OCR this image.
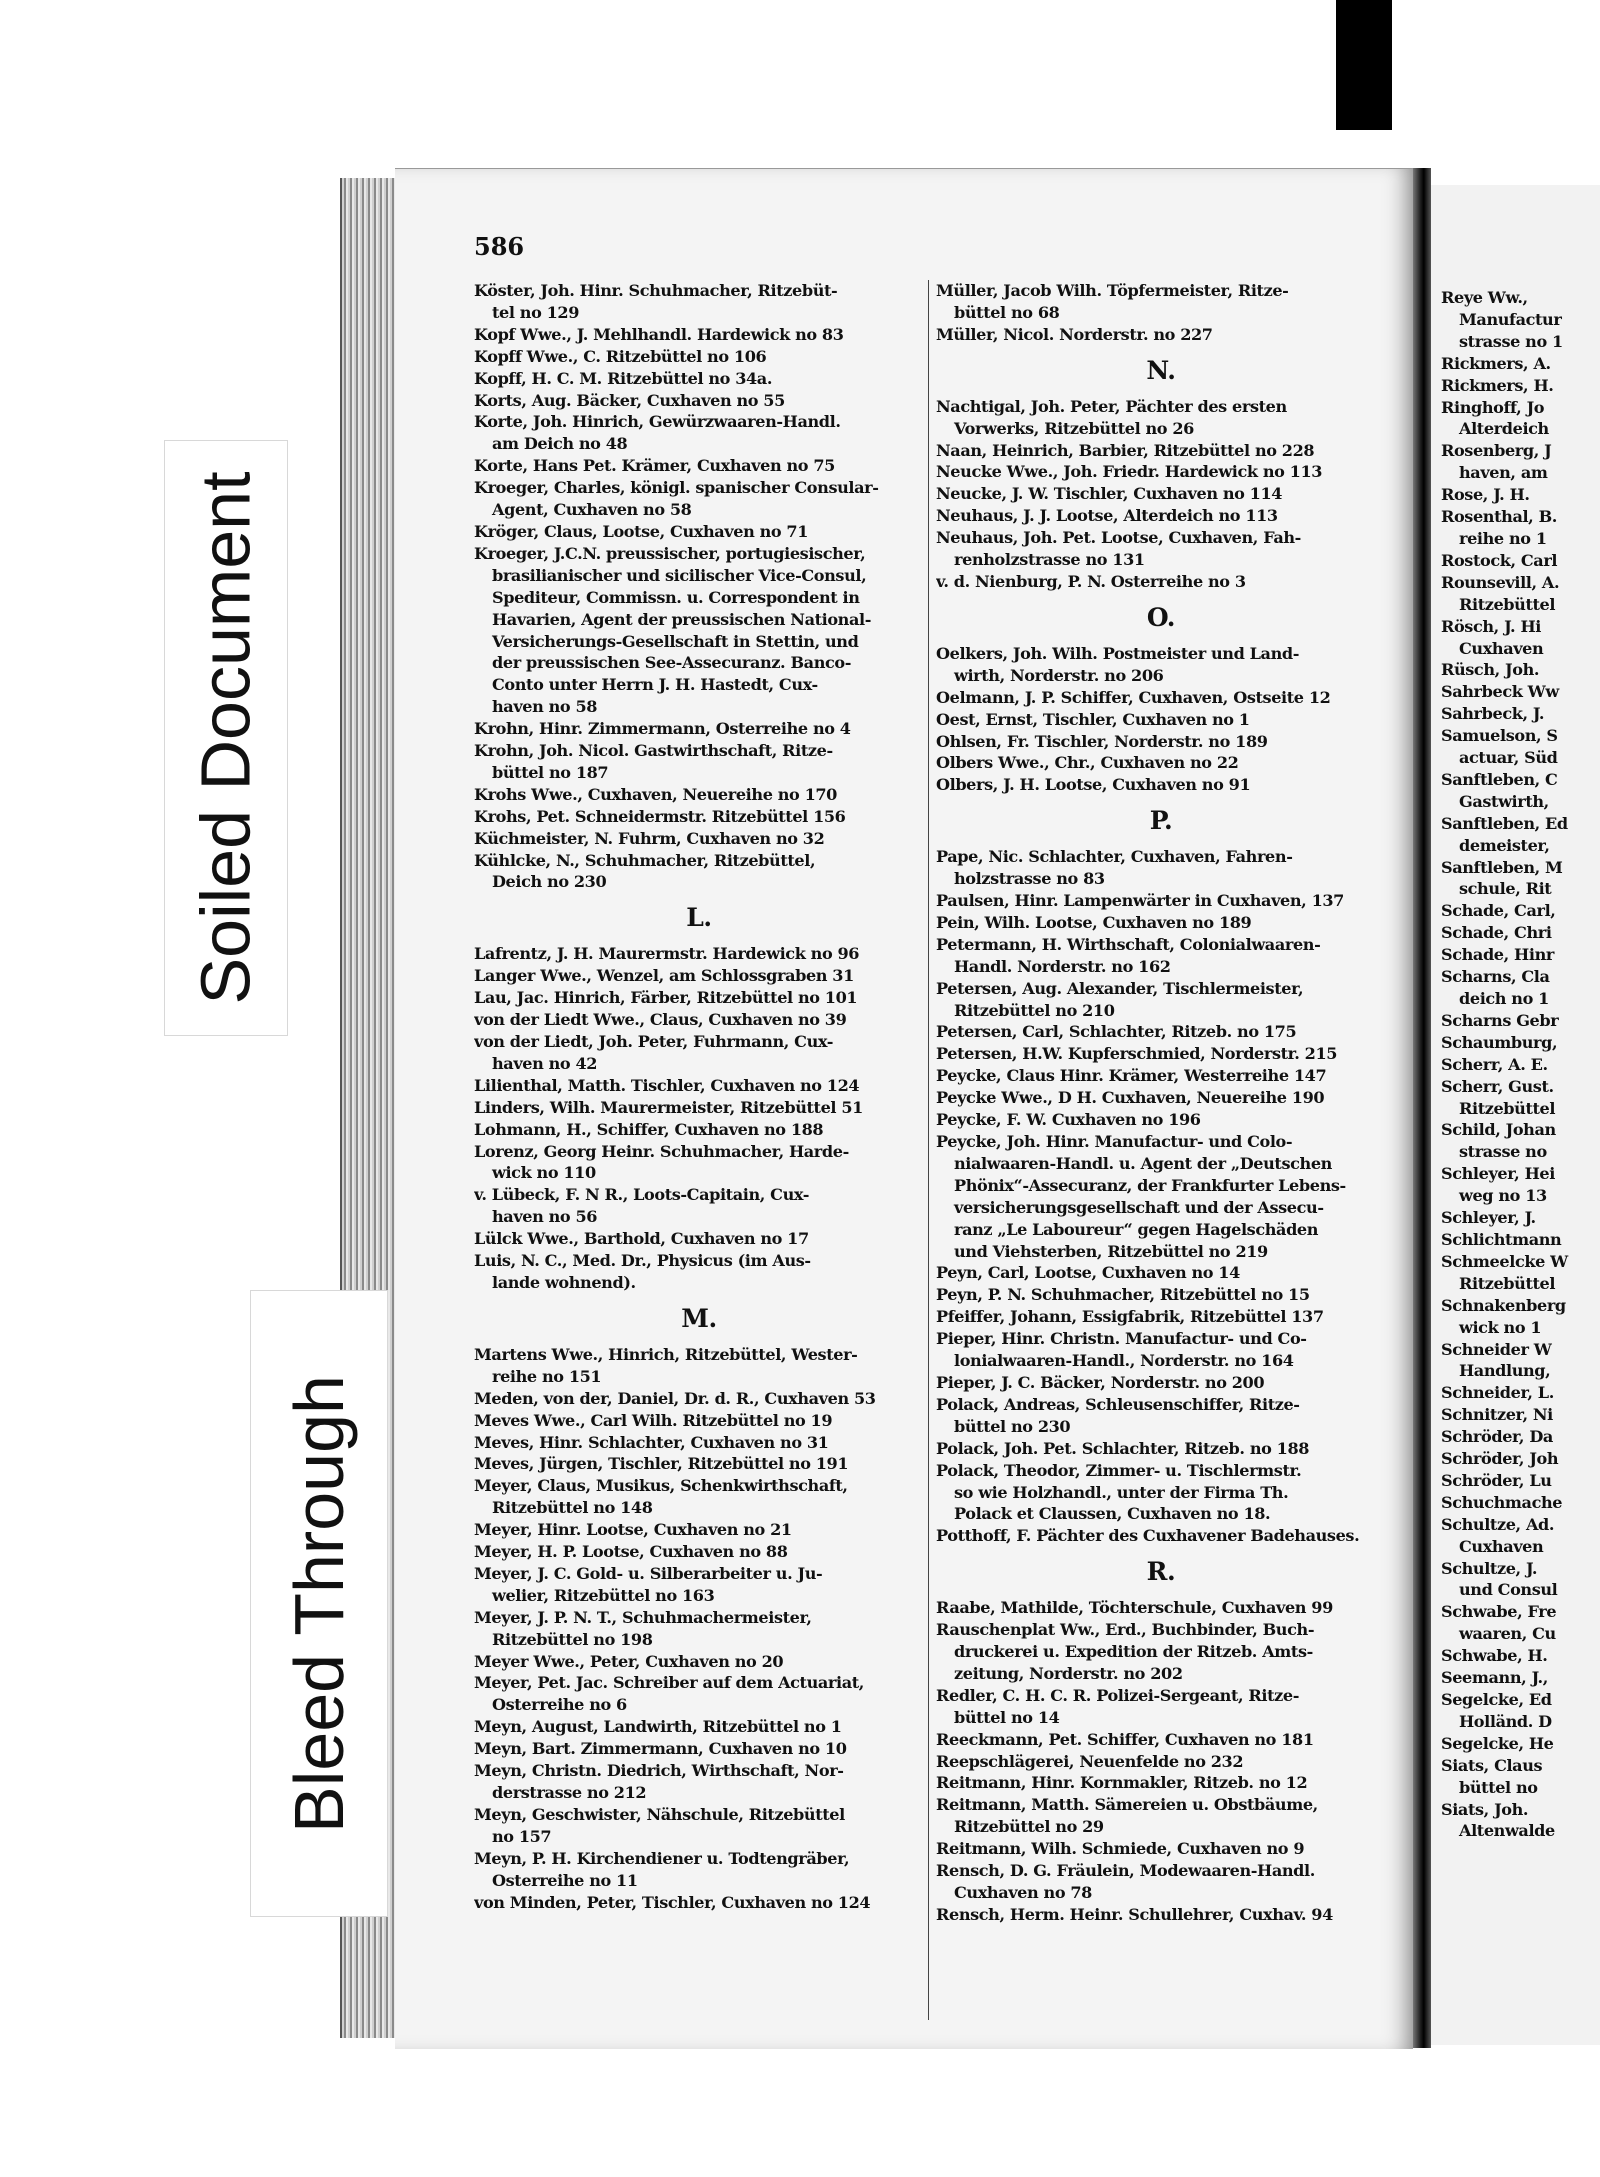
Reye Ww.,
Manufactur
strasse no 1
Rickmers, A.
Rickmers, H.
Ringhoff, Jo
Alterdeich
Rosenberg, J
haven, am
Rose, J. H.
Rosenthal, B.
reihe no 1
Rostock, Carl
Rounsevill, A.
Ritzebüttel
Rösch, J. Hi
Cuxhaven
Rüsch, Joh.
Sahrbeck Ww
Sahrbeck, J.
Samuelson, S
actuar, Süd
Sanftleben, C
Gastwirth,
Sanftleben, Ed
demeister,
Sanftleben, M
schule, Rit
Schade, Carl,
Schade, Chri
Schade, Hinr
Scharns, Cla
deich no 1
Scharns Gebr
Schaumburg,
Scherr, A. E.
Scherr, Gust.
Ritzebüttel
Schild, Johan
strasse no
Schleyer, Hei
weg no 13
Schleyer, J.
Schlichtmann
Schmeelcke W
Ritzebüttel
Schnakenberg
wick no 1
Schneider W
Handlung,
Schneider, L.
Schnitzer, Ni
Schröder, Da
Schröder, Joh
Schröder, Lu
Schuchmache
Schultze, Ad.
Cuxhaven
Schultze, J.
und Consul
Schwabe, Fre
waaren, Cu
Schwabe, H.
Seemann, J.,
Segelcke, Ed
Holländ. D
Segelcke, He
Siats, Claus
büttel no
Siats, Joh.
Altenwalde
586
Köster, Joh. Hinr. Schuhmacher, Ritzebüt-
tel no 129
Kopf Wwe., J. Mehlhandl. Hardewick no 83
Kopff Wwe., C. Ritzebüttel no 106
Kopff, H. C. M. Ritzebüttel no 34a.
Korts, Aug. Bäcker, Cuxhaven no 55
Korte, Joh. Hinrich, Gewürzwaaren-Handl.
am Deich no 48
Korte, Hans Pet. Krämer, Cuxhaven no 75
Kroeger, Charles, königl. spanischer Consular-
Agent, Cuxhaven no 58
Kröger, Claus, Lootse, Cuxhaven no 71
Kroeger, J.C.N. preussischer, portugiesischer,
brasilianischer und sicilischer Vice-Consul,
Spediteur, Commissn. u. Correspondent in
Havarien, Agent der preussischen National-
Versicherungs-Gesellschaft in Stettin, und
der preussischen See-Assecuranz. Banco-
Conto unter Herrn J. H. Hastedt, Cux-
haven no 58
Krohn, Hinr. Zimmermann, Osterreihe no 4
Krohn, Joh. Nicol. Gastwirthschaft, Ritze-
büttel no 187
Krohs Wwe., Cuxhaven, Neuereihe no 170
Krohs, Pet. Schneidermstr. Ritzebüttel 156
Küchmeister, N. Fuhrm, Cuxhaven no 32
Kühlcke, N., Schuhmacher, Ritzebüttel,
Deich no 230
L.
Lafrentz, J. H. Maurermstr. Hardewick no 96
Langer Wwe., Wenzel, am Schlossgraben 31
Lau, Jac. Hinrich, Färber, Ritzebüttel no 101
von der Liedt Wwe., Claus, Cuxhaven no 39
von der Liedt, Joh. Peter, Fuhrmann, Cux-
haven no 42
Lilienthal, Matth. Tischler, Cuxhaven no 124
Linders, Wilh. Maurermeister, Ritzebüttel 51
Lohmann, H., Schiffer, Cuxhaven no 188
Lorenz, Georg Heinr. Schuhmacher, Harde-
wick no 110
v. Lübeck, F. N R., Loots-Capitain, Cux-
haven no 56
Lülck Wwe., Barthold, Cuxhaven no 17
Luis, N. C., Med. Dr., Physicus (im Aus-
lande wohnend).
M.
Martens Wwe., Hinrich, Ritzebüttel, Wester-
reihe no 151
Meden, von der, Daniel, Dr. d. R., Cuxhaven 53
Meves Wwe., Carl Wilh. Ritzebüttel no 19
Meves, Hinr. Schlachter, Cuxhaven no 31
Meves, Jürgen, Tischler, Ritzebüttel no 191
Meyer, Claus, Musikus, Schenkwirthschaft,
Ritzebüttel no 148
Meyer, Hinr. Lootse, Cuxhaven no 21
Meyer, H. P. Lootse, Cuxhaven no 88
Meyer, J. C. Gold- u. Silberarbeiter u. Ju-
welier, Ritzebüttel no 163
Meyer, J. P. N. T., Schuhmachermeister,
Ritzebüttel no 198
Meyer Wwe., Peter, Cuxhaven no 20
Meyer, Pet. Jac. Schreiber auf dem Actuariat,
Osterreihe no 6
Meyn, August, Landwirth, Ritzebüttel no 1
Meyn, Bart. Zimmermann, Cuxhaven no 10
Meyn, Christn. Diedrich, Wirthschaft, Nor-
derstrasse no 212
Meyn, Geschwister, Nähschule, Ritzebüttel
no 157
Meyn, P. H. Kirchendiener u. Todtengräber,
Osterreihe no 11
von Minden, Peter, Tischler, Cuxhaven no 124
Müller, Jacob Wilh. Töpfermeister, Ritze-
büttel no 68
Müller, Nicol. Norderstr. no 227
N.
Nachtigal, Joh. Peter, Pächter des ersten
Vorwerks, Ritzebüttel no 26
Naan, Heinrich, Barbier, Ritzebüttel no 228
Neucke Wwe., Joh. Friedr. Hardewick no 113
Neucke, J. W. Tischler, Cuxhaven no 114
Neuhaus, J. J. Lootse, Alterdeich no 113
Neuhaus, Joh. Pet. Lootse, Cuxhaven, Fah-
renholzstrasse no 131
v. d. Nienburg, P. N. Osterreihe no 3
O.
Oelkers, Joh. Wilh. Postmeister und Land-
wirth, Norderstr. no 206
Oelmann, J. P. Schiffer, Cuxhaven, Ostseite 12
Oest, Ernst, Tischler, Cuxhaven no 1
Ohlsen, Fr. Tischler, Norderstr. no 189
Olbers Wwe., Chr., Cuxhaven no 22
Olbers, J. H. Lootse, Cuxhaven no 91
P.
Pape, Nic. Schlachter, Cuxhaven, Fahren-
holzstrasse no 83
Paulsen, Hinr. Lampenwärter in Cuxhaven, 137
Pein, Wilh. Lootse, Cuxhaven no 189
Petermann, H. Wirthschaft, Colonialwaaren-
Handl. Norderstr. no 162
Petersen, Aug. Alexander, Tischlermeister,
Ritzebüttel no 210
Petersen, Carl, Schlachter, Ritzeb. no 175
Petersen, H.W. Kupferschmied, Norderstr. 215
Peycke, Claus Hinr. Krämer, Westerreihe 147
Peycke Wwe., D H. Cuxhaven, Neuereihe 190
Peycke, F. W. Cuxhaven no 196
Peycke, Joh. Hinr. Manufactur- und Colo-
nialwaaren-Handl. u. Agent der „Deutschen
Phönix“-Assecuranz, der Frankfurter Lebens-
versicherungsgesellschaft und der Assecu-
ranz „Le Laboureur“ gegen Hagelschäden
und Viehsterben, Ritzebüttel no 219
Peyn, Carl, Lootse, Cuxhaven no 14
Peyn, P. N. Schuhmacher, Ritzebüttel no 15
Pfeiffer, Johann, Essigfabrik, Ritzebüttel 137
Pieper, Hinr. Christn. Manufactur- und Co-
lonialwaaren-Handl., Norderstr. no 164
Pieper, J. C. Bäcker, Norderstr. no 200
Polack, Andreas, Schleusenschiffer, Ritze-
büttel no 230
Polack, Joh. Pet. Schlachter, Ritzeb. no 188
Polack, Theodor, Zimmer- u. Tischlermstr.
so wie Holzhandl., unter der Firma Th.
Polack et Claussen, Cuxhaven no 18.
Potthoff, F. Pächter des Cuxhavener Badehauses.
R.
Raabe, Mathilde, Töchterschule, Cuxhaven 99
Rauschenplat Ww., Erd., Buchbinder, Buch-
druckerei u. Expedition der Ritzeb. Amts-
zeitung, Norderstr. no 202
Redler, C. H. C. R. Polizei-Sergeant, Ritze-
büttel no 14
Reeckmann, Pet. Schiffer, Cuxhaven no 181
Reepschlägerei, Neuenfelde no 232
Reitmann, Hinr. Kornmakler, Ritzeb. no 12
Reitmann, Matth. Sämereien u. Obstbäume,
Ritzebüttel no 29
Reitmann, Wilh. Schmiede, Cuxhaven no 9
Rensch, D. G. Fräulein, Modewaaren-Handl.
Cuxhaven no 78
Rensch, Herm. Heinr. Schullehrer, Cuxhav. 94
Soiled Document
Bleed Through
